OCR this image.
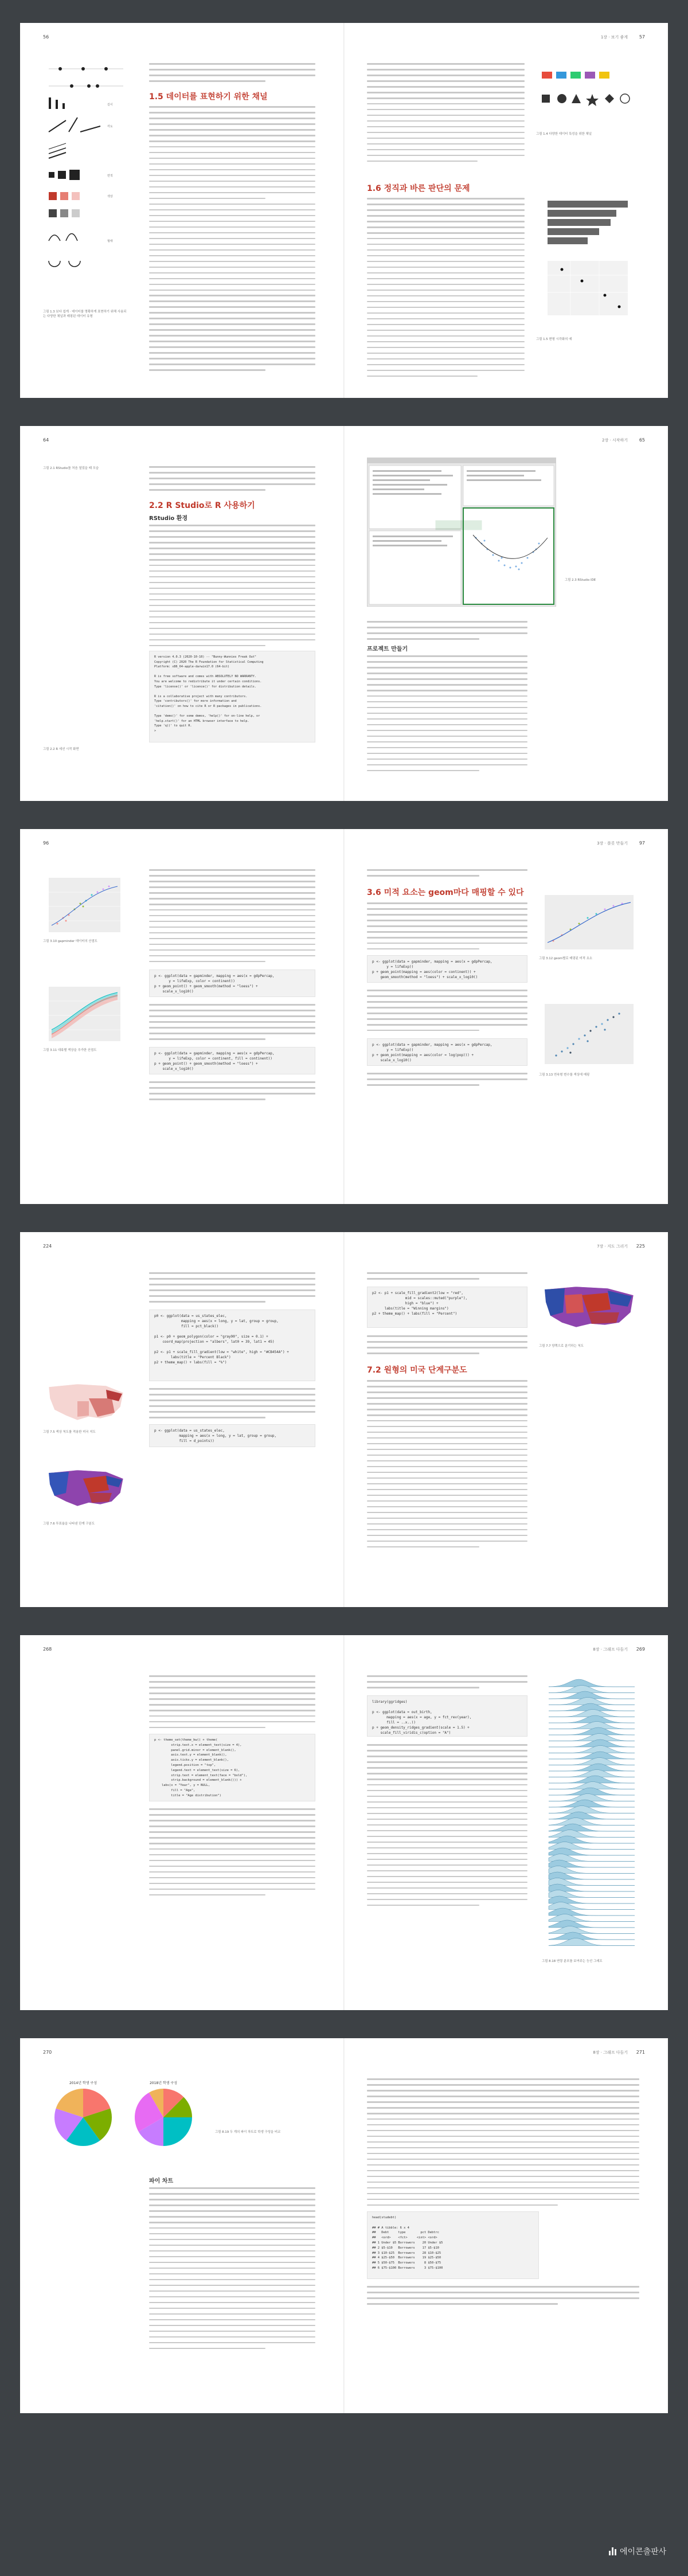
56
길이
각도
면적
색상
형태
그림 1.3 보다 쉽게 · 데이터를 명확하게 표현하기 위해 사용되는 다양한 채널과 매핑된 데이터 유형
1.5 데이터를 표현하기 위한 채널
1장 · 보기 좋게 57
그림 1.4 다양한 데이터 특성을 위한 채널
1.6 정직과 바른 판단의 문제
그림 1.5 변형 시각화의 예
64
그림 2.1 RStudio를 처음 열었을 때 모습
2.2 R Studio로 R 사용하기
RStudio 환경
R version 4.0.3 (2020-10-10) -- "Bunny-Wunnies Freak Out"
Copyright (C) 2020 The R Foundation for Statistical Computing
Platform: x86_64-apple-darwin17.0 (64-bit)

R is free software and comes with ABSOLUTELY NO WARRANTY.
You are welcome to redistribute it under certain conditions.
Type 'license()' or 'licence()' for distribution details.

R is a collaborative project with many contributors.
Type 'contributors()' for more information and
'citation()' on how to cite R or R packages in publications.

Type 'demo()' for some demos, 'help()' for on-line help, or
'help.start()' for an HTML browser interface to help.
Type 'q()' to quit R.
>
그림 2.2 R 세션 시작 화면
2장 · 시작하기 65
그림 2.3 RStudio IDE
프로젝트 만들기
96
그림 3.10 gapminder 데이터의 산점도
그림 3.11 대륙별 색상을 추가한 산점도
p <- ggplot(data = gapminder, mapping = aes(x = gdpPercap,
y = lifeExp, color = continent))
p + geom_point() + geom_smooth(method = "loess") +
scale_x_log10()
p <- ggplot(data = gapminder, mapping = aes(x = gdpPercap,
y = lifeExp, color = continent, fill = continent))
p + geom_point() + geom_smooth(method = "loess") +
scale_x_log10()
3장 · 플롯 만들기 97
3.6 미적 요소는 geom마다 매핑할 수 있다
p <- ggplot(data = gapminder, mapping = aes(x = gdpPercap,
y = lifeExp))
p + geom_point(mapping = aes(color = continent)) +
geom_smooth(method = "loess") + scale_x_log10()
p <- ggplot(data = gapminder, mapping = aes(x = gdpPercap,
y = lifeExp))
p + geom_point(mapping = aes(color = log(pop))) +
scale_x_log10()
그림 3.12 geom별로 매핑된 미적 요소
그림 3.13 연속형 변수를 색상에 매핑
224
p0 <- ggplot(data = us_states_elec,
mapping = aes(x = long, y = lat, group = group,
fill = pct_black))

p1 <- p0 + geom_polygon(color = "gray90", size = 0.1) +
coord_map(projection = "albers", lat0 = 39, lat1 = 45)

p2 <- p1 + scale_fill_gradient(low = "white", high = "#CB454A") +
labs(title = "Percent Black")
p2 + theme_map() + labs(fill = "%")
p <- ggplot(data = us_states_elec,
mapping = aes(x = long, y = lat, group = group,
fill = d_points))
그림 7.5 색상 척도를 적용한 미국 지도
그림 7.6 투표율을 나타낸 단계 구분도
7장 · 지도 그리기 225
p2 <- p1 + scale_fill_gradient2(low = "red",
mid = scales::muted("purple"),
high = "blue") +
labs(title = "Winning margins")
p2 + theme_map() + labs(fill = "Percent")
7.2 원형의 미국 단계구분도
그림 7.7 양쪽으로 분기하는 척도
268
p <- theme_set(theme_bw() + theme(
strip.text.x = element_text(size = 4),
panel.grid.minor = element_blank(),
axis.text.y = element_blank(),
axis.ticks.y = element_blank(),
legend.position = "top",
legend.text = element_text(size = 6),
strip.text = element_text(face = "bold"),
strip.background = element_blank())) +
labs(x = "Year", y = NULL,
fill = "Age",
title = "Age distribution")
8장 · 그래프 다듬기 269
library(ggridges)

p <- ggplot(data = out_birth,
mapping = aes(x = age, y = fct_rev(year),
fill = ..x..))
p + geom_density_ridges_gradient(scale = 1.5) +
scale_fill_viridis_c(option = "A")
그림 8.18 연령 분포를 보여주는 능선 그래프
270
2014년 학생 구성	2018년 학생 구성
그림 8.19 두 개의 파이 차트로 학생 구성을 비교
파이 차트
8장 · 그래프 다듬기 271
head(studebt)

## # A tibble: 6 x 4
##   Debt     type        pct Debtrc
##   <ord>    <fct>     <int> <ord>
## 1 Under $5 Borrowers    20 Under $5
## 2 $5-$10   Borrowers    17 $5-$10
## 3 $10-$25  Borrowers    28 $10-$25
## 4 $25-$50  Borrowers    19 $25-$50
## 5 $50-$75  Borrowers     8 $50-$75
## 6 $75-$100 Borrowers     3 $75-$100
에이콘출판사
